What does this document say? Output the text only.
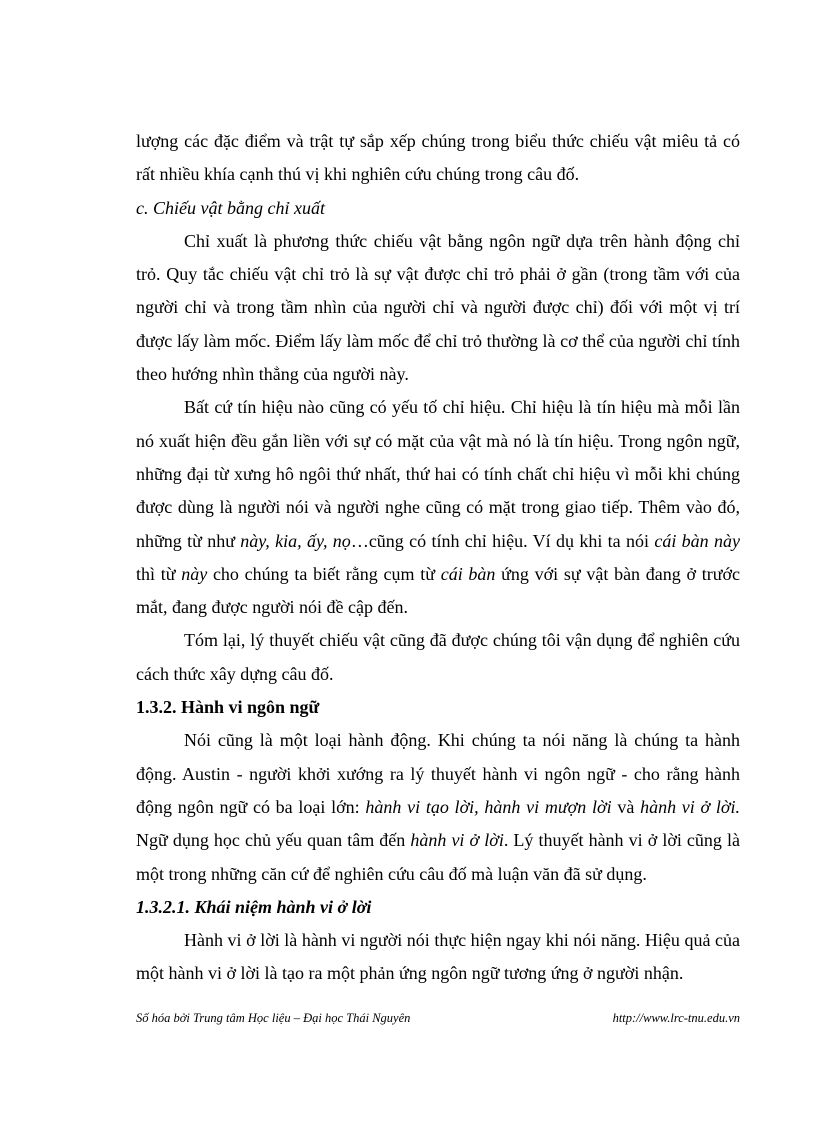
lượng các đặc điểm và trật tự sắp xếp chúng trong biểu thức chiếu vật miêu tả có rất nhiều khía cạnh thú vị khi nghiên cứu chúng trong câu đố.

c. Chiếu vật bằng chỉ xuất

Chỉ xuất là phương thức chiếu vật bằng ngôn ngữ dựa trên hành động chỉ trỏ. Quy tắc chiếu vật chỉ trỏ là sự vật được chỉ trỏ phải ở gần (trong tầm với của người chỉ và trong tầm nhìn của người chỉ và người được chỉ) đối với một vị trí được lấy làm mốc. Điểm lấy làm mốc để chỉ trỏ thường là cơ thể của người chỉ tính theo hướng nhìn thẳng của người này.

Bất cứ tín hiệu nào cũng có yếu tố chỉ hiệu. Chỉ hiệu là tín hiệu mà mỗi lần nó xuất hiện đều gắn liền với sự có mặt của vật mà nó là tín hiệu. Trong ngôn ngữ, những đại từ xưng hô ngôi thứ nhất, thứ hai có tính chất chỉ hiệu vì mỗi khi chúng được dùng là người nói và người nghe cũng có mặt trong giao tiếp. Thêm vào đó, những từ như này, kia, ấy, nọ…cũng có tính chỉ hiệu. Ví dụ khi ta nói cái bàn này thì từ này cho chúng ta biết rằng cụm từ cái bàn ứng với sự vật bàn đang ở trước mắt, đang được người nói đề cập đến.

Tóm lại, lý thuyết chiếu vật cũng đã được chúng tôi vận dụng để nghiên cứu cách thức xây dựng câu đố.

1.3.2. Hành vi ngôn ngữ

Nói cũng là một loại hành động. Khi chúng ta nói năng là chúng ta hành động. Austin - người khởi xướng ra lý thuyết hành vi ngôn ngữ - cho rằng hành động ngôn ngữ có ba loại lớn: hành vi tạo lời, hành vi mượn lời và hành vi ở lời. Ngữ dụng học chủ yếu quan tâm đến hành vi ở lời. Lý thuyết hành vi ở lời cũng là một trong những căn cứ để nghiên cứu câu đố mà luận văn đã sử dụng.

1.3.2.1. Khái niệm hành vi ở lời

Hành vi ở lời là hành vi người nói thực hiện ngay khi nói năng. Hiệu quả của một hành vi ở lời là tạo ra một phản ứng ngôn ngữ tương ứng ở người nhận.

Số hóa bởi Trung tâm Học liệu – Đại học Thái Nguyên	http://www.lrc-tnu.edu.vn
